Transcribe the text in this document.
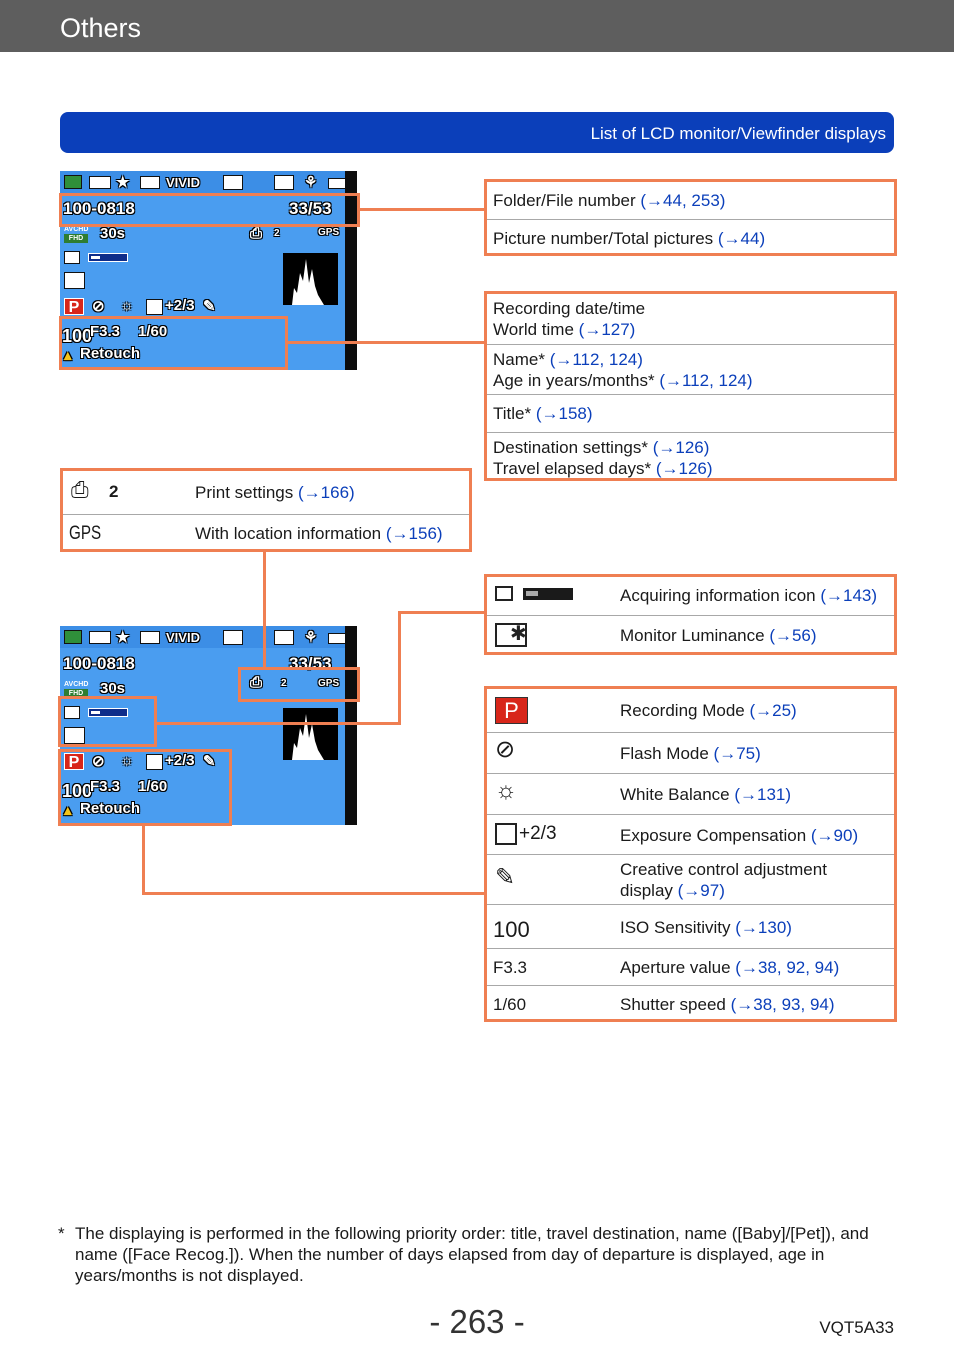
Others
List of LCD monitor/Viewfinder displays
★	VIVID	⚘
100-0818	33/53
AVCHD
FHD	30s	⎙ 2	GPS
P ⊘ ☼ +2/3 ✎
100
F3.3 1/60
▴ Retouch
★	VIVID	⚘
100-0818	33/53
AVCHD
FHD	30s	⎙ 2	GPS
P ⊘ ☼ +2/3 ✎
100
F3.3 1/60
▴ Retouch
Folder/File number (→44, 253)
Picture number/Total pictures (→44)
Recording date/time
World time (→127)
Name* (→112, 124)
Age in years/months* (→112, 124)
Title* (→158)
Destination settings* (→126)
Travel elapsed days* (→126)
⎙ 2	Print settings (→166)
GPS	With location information (→156)
Acquiring information icon (→143)
✱	Monitor Luminance (→56)
P	Recording Mode (→25)
⊘	Flash Mode (→75)
☼	White Balance (→131)
+2/3	Exposure Compensation (→90)
✎	Creative control adjustment
display (→97)
100	ISO Sensitivity (→130)
F3.3	Aperture value (→38, 92, 94)
1/60	Shutter speed (→38, 93, 94)
* The displaying is performed in the following priority order: title, travel destination, name ([Baby]/[Pet]), and name ([Face Recog.]). When the number of days elapsed from day of departure is displayed, age in years/months is not displayed.
- 263 -	VQT5A33
